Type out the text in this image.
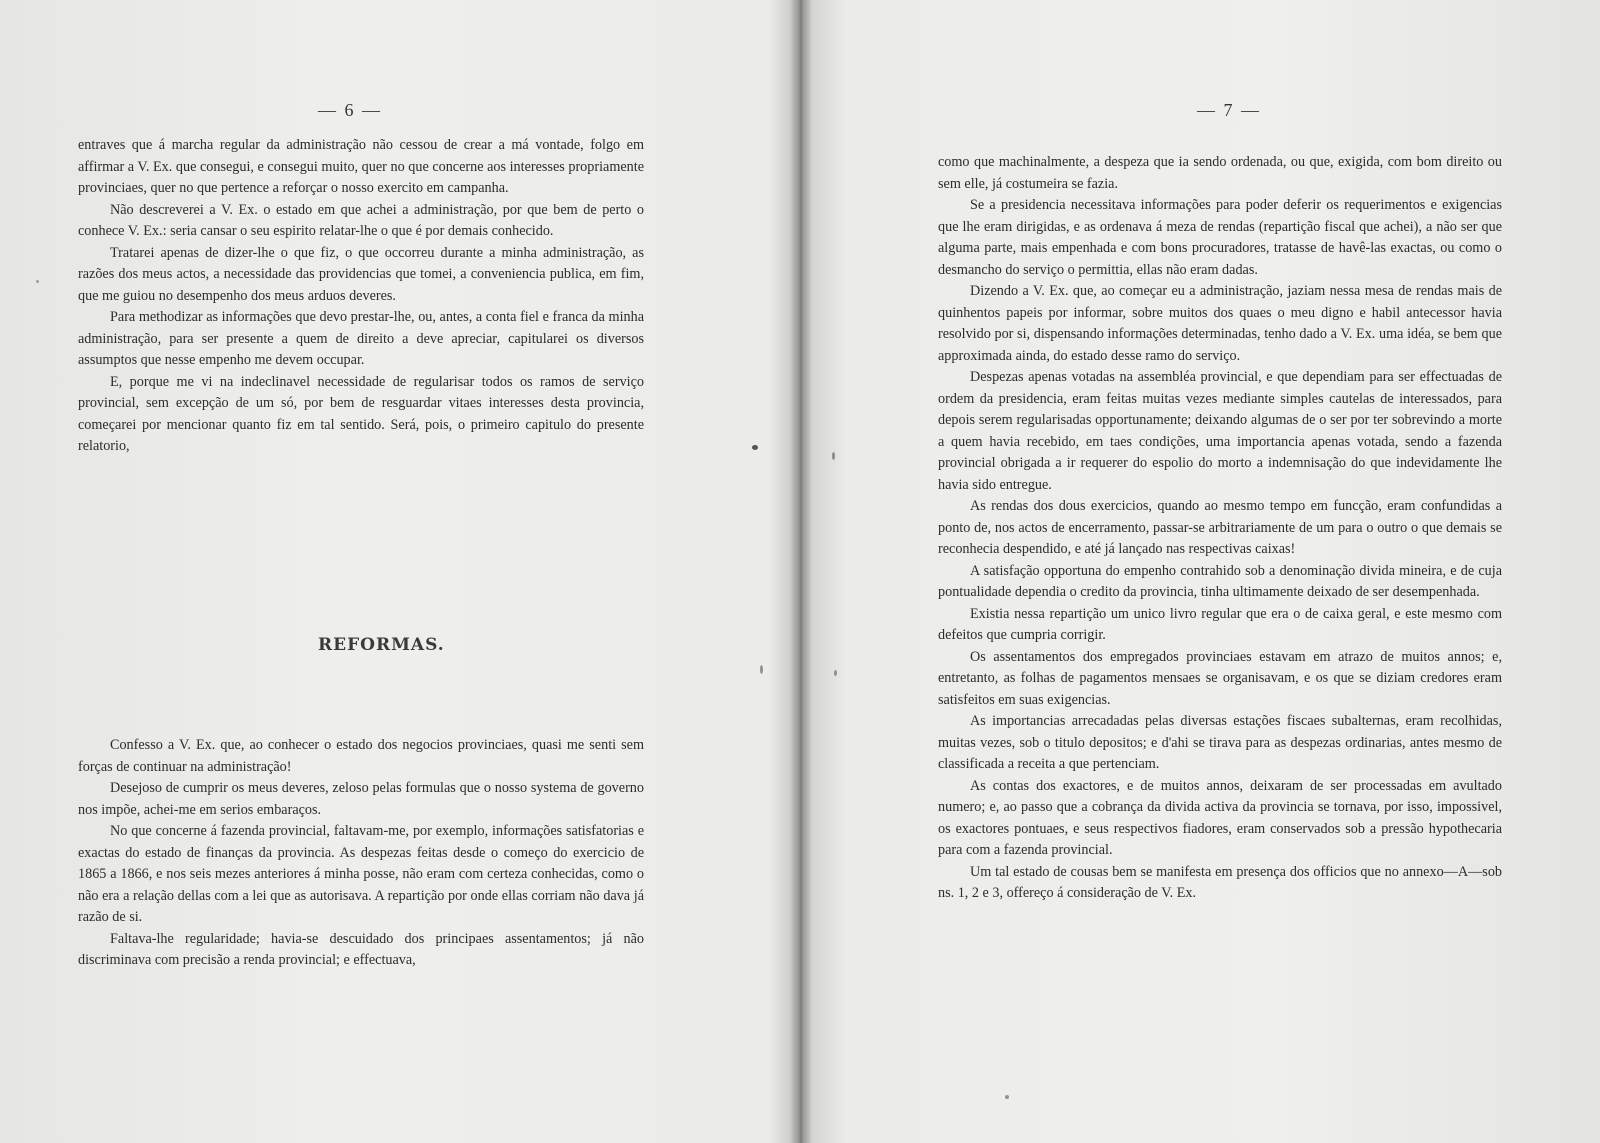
— 6 —

entraves que á marcha regular da administração não cessou de crear a má vontade, folgo em affirmar a V. Ex. que consegui, e consegui muito, quer no que concerne aos interesses propriamente provinciaes, quer no que pertence a reforçar o nosso exercito em campanha.

Não descreverei a V. Ex. o estado em que achei a administração, por que bem de perto o conhece V. Ex.: seria cansar o seu espirito relatar-lhe o que é por demais conhecido.

Tratarei apenas de dizer-lhe o que fiz, o que occorreu durante a minha administração, as razões dos meus actos, a necessidade das providencias que tomei, a conveniencia publica, em fim, que me guiou no desempenho dos meus arduos deveres.

Para methodizar as informações que devo prestar-lhe, ou, antes, a conta fiel e franca da minha administração, para ser presente a quem de direito a deve apreciar, capitularei os diversos assumptos que nesse empenho me devem occupar.

E, porque me vi na indeclinavel necessidade de regularisar todos os ramos de serviço provincial, sem excepção de um só, por bem de resguardar vitaes interesses desta provincia, começarei por mencionar quanto fiz em tal sentido. Será, pois, o primeiro capitulo do presente relatorio,

REFORMAS.

Confesso a V. Ex. que, ao conhecer o estado dos negocios provinciaes, quasi me senti sem forças de continuar na administração!

Desejoso de cumprir os meus deveres, zeloso pelas formulas que o nosso systema de governo nos impõe, achei-me em serios embaraços.

No que concerne á fazenda provincial, faltavam-me, por exemplo, informações satisfatorias e exactas do estado de finanças da provincia. As despezas feitas desde o começo do exercicio de 1865 a 1866, e nos seis mezes anteriores á minha posse, não eram com certeza conhecidas, como o não era a relação dellas com a lei que as autorisava. A repartição por onde ellas corriam não dava já razão de si.

Faltava-lhe regularidade; havia-se descuidado dos principaes assentamentos; já não discriminava com precisão a renda provincial; e effectuava,

— 7 —

como que machinalmente, a despeza que ia sendo ordenada, ou que, exigida, com bom direito ou sem elle, já costumeira se fazia.

Se a presidencia necessitava informações para poder deferir os requerimentos e exigencias que lhe eram dirigidas, e as ordenava á meza de rendas (repartição fiscal que achei), a não ser que alguma parte, mais empenhada e com bons procuradores, tratasse de havê-las exactas, ou como o desmancho do serviço o permittia, ellas não eram dadas.

Dizendo a V. Ex. que, ao começar eu a administração, jaziam nessa mesa de rendas mais de quinhentos papeis por informar, sobre muitos dos quaes o meu digno e habil antecessor havia resolvido por si, dispensando informações determinadas, tenho dado a V. Ex. uma idéa, se bem que approximada ainda, do estado desse ramo do serviço.

Despezas apenas votadas na assembléa provincial, e que dependiam para ser effectuadas de ordem da presidencia, eram feitas muitas vezes mediante simples cautelas de interessados, para depois serem regularisadas opportunamente; deixando algumas de o ser por ter sobrevindo a morte a quem havia recebido, em taes condições, uma importancia apenas votada, sendo a fazenda provincial obrigada a ir requerer do espolio do morto a indemnisação do que indevidamente lhe havia sido entregue.

As rendas dos dous exercicios, quando ao mesmo tempo em funcção, eram confundidas a ponto de, nos actos de encerramento, passar-se arbitrariamente de um para o outro o que demais se reconhecia despendido, e até já lançado nas respectivas caixas!

A satisfação opportuna do empenho contrahido sob a denominação divida mineira, e de cuja pontualidade dependia o credito da provincia, tinha ultimamente deixado de ser desempenhada.

Existia nessa repartição um unico livro regular que era o de caixa geral, e este mesmo com defeitos que cumpria corrigir.

Os assentamentos dos empregados provinciaes estavam em atrazo de muitos annos; e, entretanto, as folhas de pagamentos mensaes se organisavam, e os que se diziam credores eram satisfeitos em suas exigencias.

As importancias arrecadadas pelas diversas estações fiscaes subalternas, eram recolhidas, muitas vezes, sob o titulo depositos; e d'ahi se tirava para as despezas ordinarias, antes mesmo de classificada a receita a que pertenciam.

As contas dos exactores, e de muitos annos, deixaram de ser processadas em avultado numero; e, ao passo que a cobrança da divida activa da provincia se tornava, por isso, impossivel, os exactores pontuaes, e seus respectivos fiadores, eram conservados sob a pressão hypothecaria para com a fazenda provincial.

Um tal estado de cousas bem se manifesta em presença dos officios que no annexo—A—sob ns. 1, 2 e 3, offereço á consideração de V. Ex.
